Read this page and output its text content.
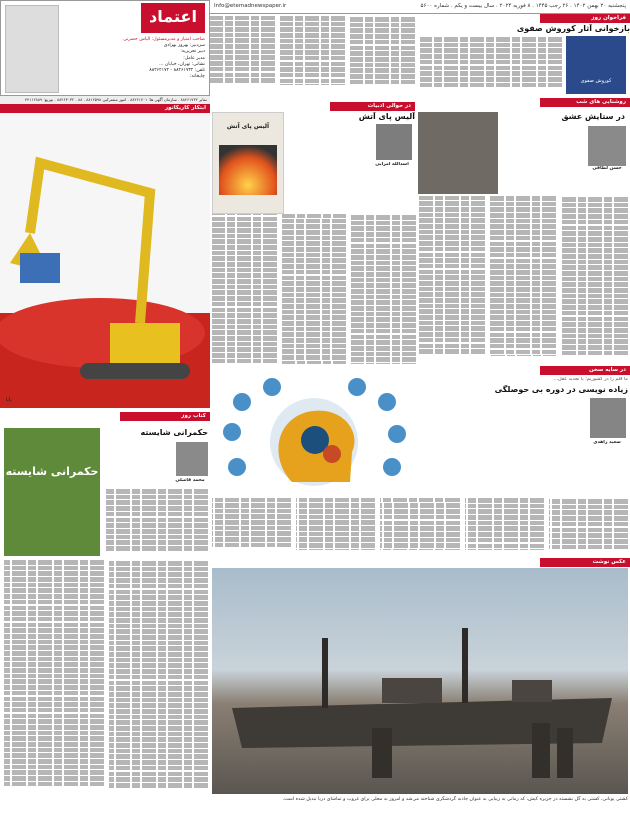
پنجشنبه ۲۰ بهمن ۱۴۰۲ . ۲۶ رجب ۱۴۴۵ . ۸ فوریه ۲۰۲۴ . سال بیست و یکم . شماره ۵۶۰۰
Info@etemadnewspaper.ir
اعتماد
صاحب امتیاز و مدیرمسئول: الیاس حضرتی
سردبیر: بهروز بهزادی
دبیر تحریریه:
مدیر عامل:
نشانی: تهران، خیابان ...
تلفن: ۸۸۲۶۱۷۳۲ - ۸۸۲۶۲۱۷۲
چاپخانه:
نمابر ۸۸۲۶۱۷۳۲ . سازمان آگهی ها: ۸۸۲۶۱۷۰۱ . امور مشترکین ۸۸۱۲۵۹۸ . ۸۸ . ۸۸۲۶۳۰۳۲ . توزیع: ۴۴۱۱۲۸۸۹
ابتکار کاریکاتور
پاپا
فراخوان روز
بازخوانی آثار کوروش صفوی
کوروش صفوی
روشنایی های شب
در ستایش عشق
حسن لطافی
در حوالی ادبیات
آلیس پای آتش
اسدالله امرایی
آلیس پای آتش
در سایه سخن
ما قلم را در کشوریم؛ با تجدید عقل...
زیاده نویسی در دوره بی حوصلگی
سعید زاهدی
کتاب روز
حکمرانی شایسته
حکمرانی شایسته
محمد فاضلی
عکس نوشت
کشتی یونانی، کشتی به گل نشسته در جزیره کیش، که زمانی به زیبایی به عنوان جاذبه گردشگری شناخته می‌شد و امروز به محلی برای غروب و تماشای دریا تبدیل شده است.
